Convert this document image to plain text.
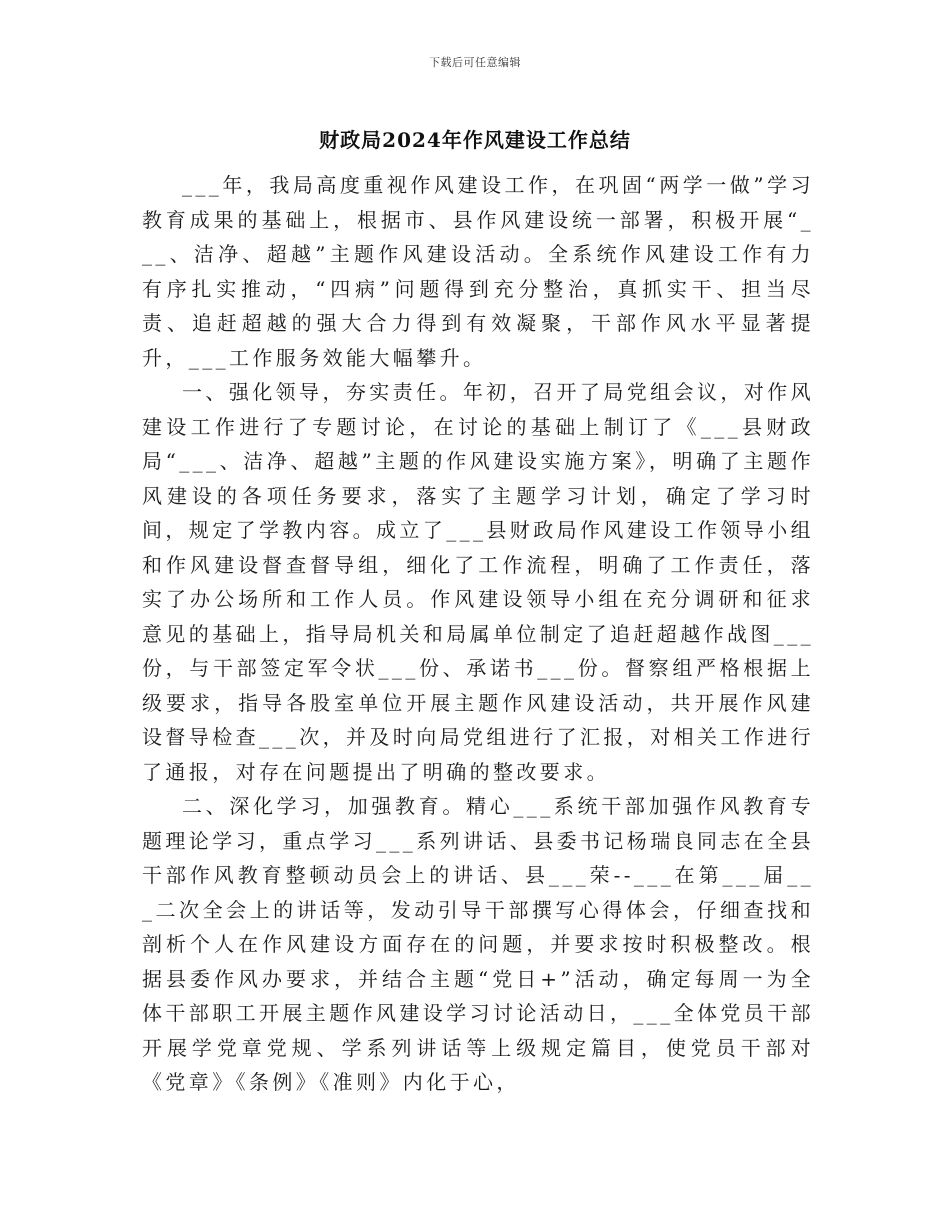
下载后可任意编辑
财政局2024年作风建设工作总结

___年，我局高度重视作风建设工作，在巩固“两学一做”学习教育成果的基础上，根据市、县作风建设统一部署，积极开展“___、洁净、超越”主题作风建设活动。全系统作风建设工作有力有序扎实推动，“四病”问题得到充分整治，真抓实干、担当尽责、追赶超越的强大合力得到有效凝聚，干部作风水平显著提升，___工作服务效能大幅攀升。

一、强化领导，夯实责任。年初，召开了局党组会议，对作风建设工作进行了专题讨论，在讨论的基础上制订了《___县财政局“___、洁净、超越”主题的作风建设实施方案》，明确了主题作风建设的各项任务要求，落实了主题学习计划，确定了学习时间，规定了学教内容。成立了___县财政局作风建设工作领导小组和作风建设督查督导组，细化了工作流程，明确了工作责任，落实了办公场所和工作人员。作风建设领导小组在充分调研和征求意见的基础上，指导局机关和局属单位制定了追赶超越作战图___份，与干部签定军令状___份、承诺书___份。督察组严格根据上级要求，指导各股室单位开展主题作风建设活动，共开展作风建设督导检查___次，并及时向局党组进行了汇报，对相关工作进行了通报，对存在问题提出了明确的整改要求。

二、深化学习，加强教育。精心___系统干部加强作风教育专题理论学习，重点学习___系列讲话、县委书记杨瑞良同志在全县干部作风教育整顿动员会上的讲话、县___荣--___在第___届___二次全会上的讲话等，发动引导干部撰写心得体会，仔细查找和剖析个人在作风建设方面存在的问题，并要求按时积极整改。根据县委作风办要求，并结合主题“党日+”活动，确定每周一为全体干部职工开展主题作风建设学习讨论活动日，___全体党员干部开展学党章党规、学系列讲话等上级规定篇目，使党员干部对《党章》《条例》《准则》内化于心，
